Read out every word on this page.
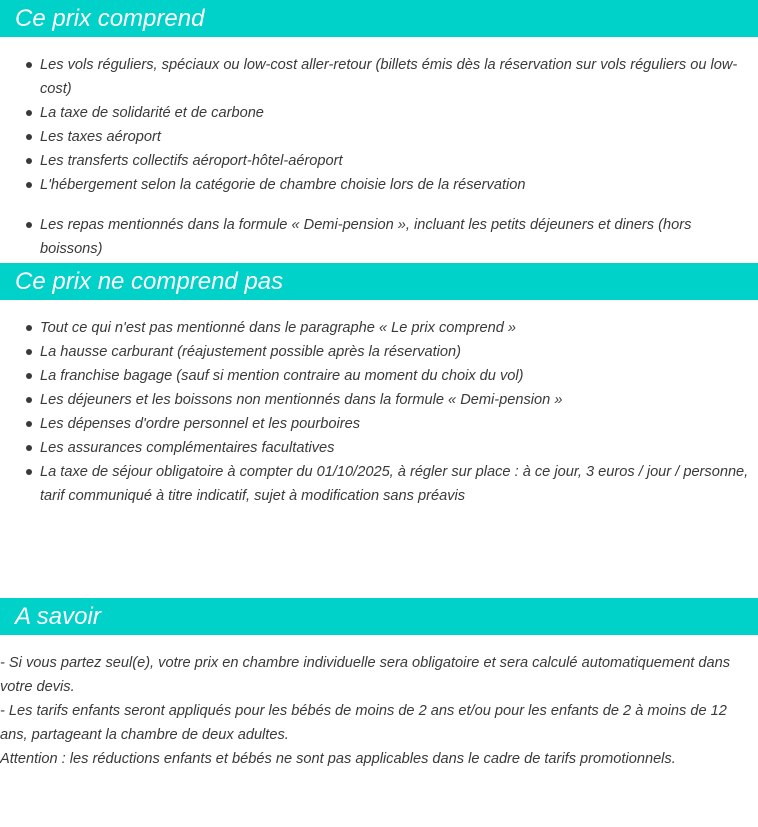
Ce prix comprend
Les vols réguliers, spéciaux ou low-cost aller-retour (billets émis dès la réservation sur vols réguliers ou low-cost)
La taxe de solidarité et de carbone
Les taxes aéroport
Les transferts collectifs aéroport-hôtel-aéroport
L'hébergement selon la catégorie de chambre choisie lors de la réservation
Les repas mentionnés dans la formule « Demi-pension », incluant les petits déjeuners et diners (hors boissons)
Ce prix ne comprend pas
Tout ce qui n'est pas mentionné dans le paragraphe « Le prix comprend »
La hausse carburant (réajustement possible après la réservation)
La franchise bagage (sauf si mention contraire au moment du choix du vol)
Les déjeuners et les boissons non mentionnés dans la formule « Demi-pension »
Les dépenses d'ordre personnel et les pourboires
Les assurances complémentaires facultatives
La taxe de séjour obligatoire à compter du 01/10/2025, à régler sur place : à ce jour, 3 euros / jour / personne, tarif communiqué à titre indicatif, sujet à modification sans préavis
A savoir

- Si vous partez seul(e), votre prix en chambre individuelle sera obligatoire et sera calculé automatiquement dans votre devis.

- Les tarifs enfants seront appliqués pour les bébés de moins de 2 ans et/ou pour les enfants de 2 à moins de 12 ans, partageant la chambre de deux adultes.

Attention : les réductions enfants et bébés ne sont pas applicables dans le cadre de tarifs promotionnels.
